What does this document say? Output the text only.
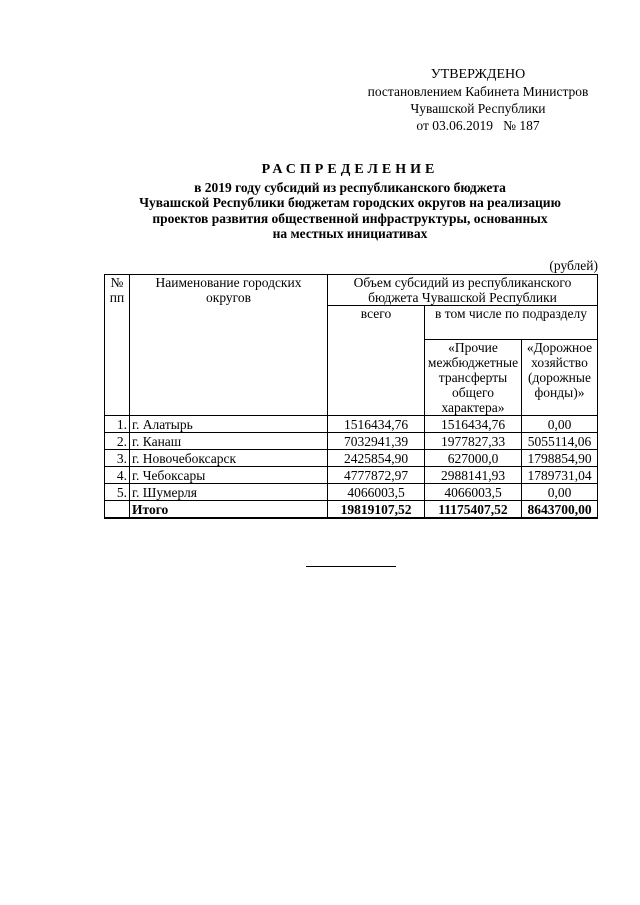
УТВЕРЖДЕНО
постановлением Кабинета Министров
Чувашской Республики
от 03.06.2019   № 187
РАСПРЕДЕЛЕНИЕ
в 2019 году субсидий из республиканского бюджета
Чувашской Республики бюджетам городских округов на реализацию
проектов развития общественной инфраструктуры, основанных
на местных инициативах
(рублей)
№ пп	Наименование городских округов	Объем субсидий из республиканского бюджета Чувашской Республики		
		всего	в том числе по подразделу	
			«Прочие межбюджетные трансферты общего характера»	«Дорожное хозяйство (дорожные фонды)»
1.	г. Алатырь	1516434,76	1516434,76	0,00
2.	г. Канаш	7032941,39	1977827,33	5055114,06
3.	г. Новочебоксарск	2425854,90	627000,0	1798854,90
4.	г. Чебоксары	4777872,97	2988141,93	1789731,04
5.	г. Шумерля	4066003,5	4066003,5	0,00
	Итого	19819107,52	11175407,52	8643700,00
